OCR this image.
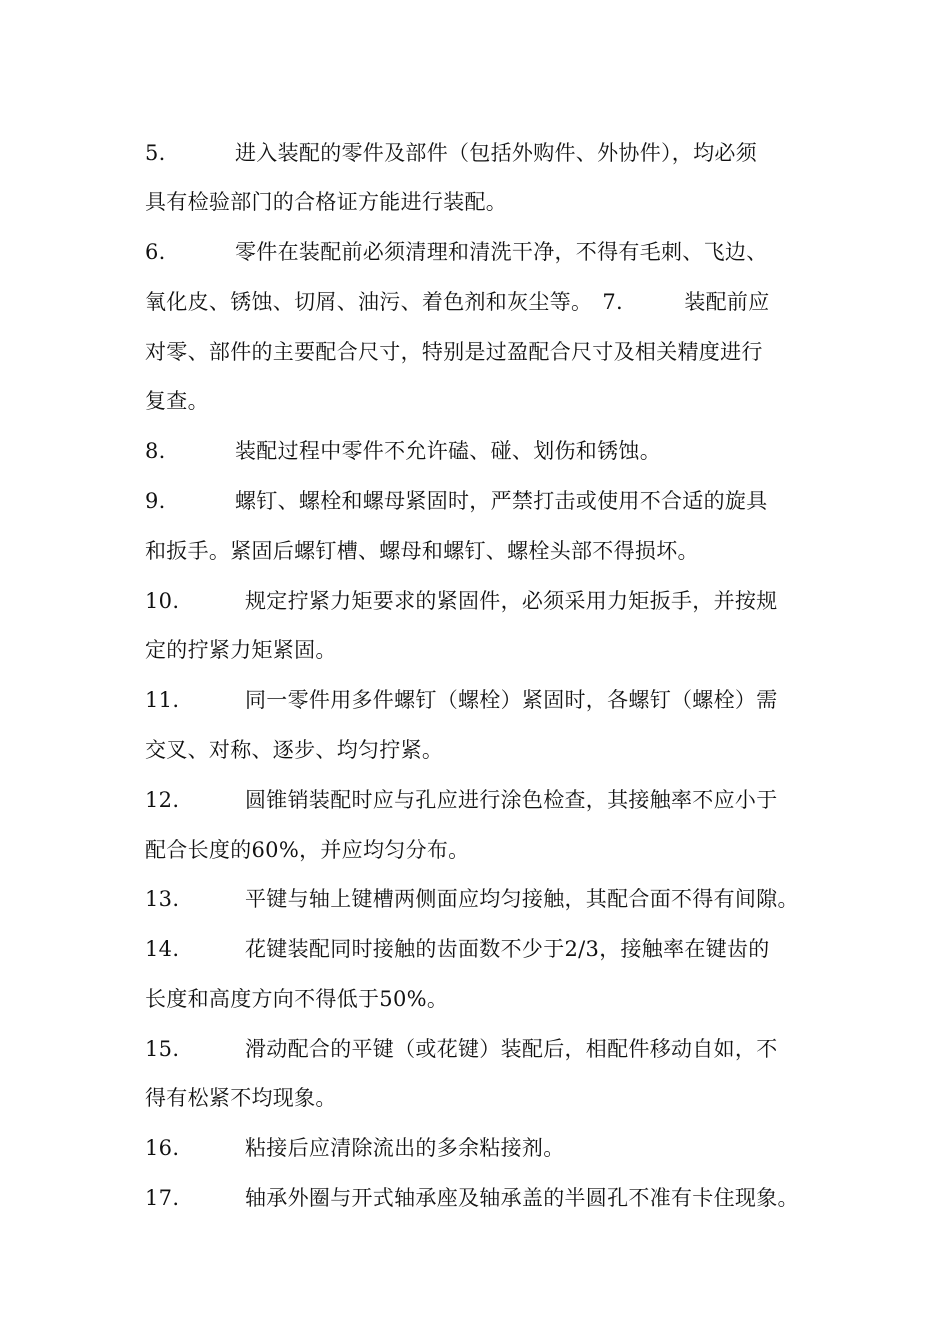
5.	进入装配的零件及部件（包括外购件、外协件），均必须
具有检验部门的合格证方能进行装配。
6.	零件在装配前必须清理和清洗干净，不得有毛刺、飞边、
氧化皮、锈蚀、切屑、油污、着色剂和灰尘等。 7.	装配前应
对零、部件的主要配合尺寸，特别是过盈配合尺寸及相关精度进行
复查。
8.	装配过程中零件不允许磕、碰、划伤和锈蚀。
9.	螺钉、螺栓和螺母紧固时，严禁打击或使用不合适的旋具
和扳手。紧固后螺钉槽、螺母和螺钉、螺栓头部不得损坏。
10.	规定拧紧力矩要求的紧固件，必须采用力矩扳手，并按规
定的拧紧力矩紧固。
11.	同一零件用多件螺钉（螺栓）紧固时，各螺钉（螺栓）需
交叉、对称、逐步、均匀拧紧。
12.	圆锥销装配时应与孔应进行涂色检查，其接触率不应小于
配合长度的60%，并应均匀分布。
13.	平键与轴上键槽两侧面应均匀接触，其配合面不得有间隙。
14.	花键装配同时接触的齿面数不少于2/3，接触率在键齿的
长度和高度方向不得低于50%。
15.	滑动配合的平键（或花键）装配后，相配件移动自如，不
得有松紧不均现象。
16.	粘接后应清除流出的多余粘接剂。
17.	轴承外圈与开式轴承座及轴承盖的半圆孔不准有卡住现象。
